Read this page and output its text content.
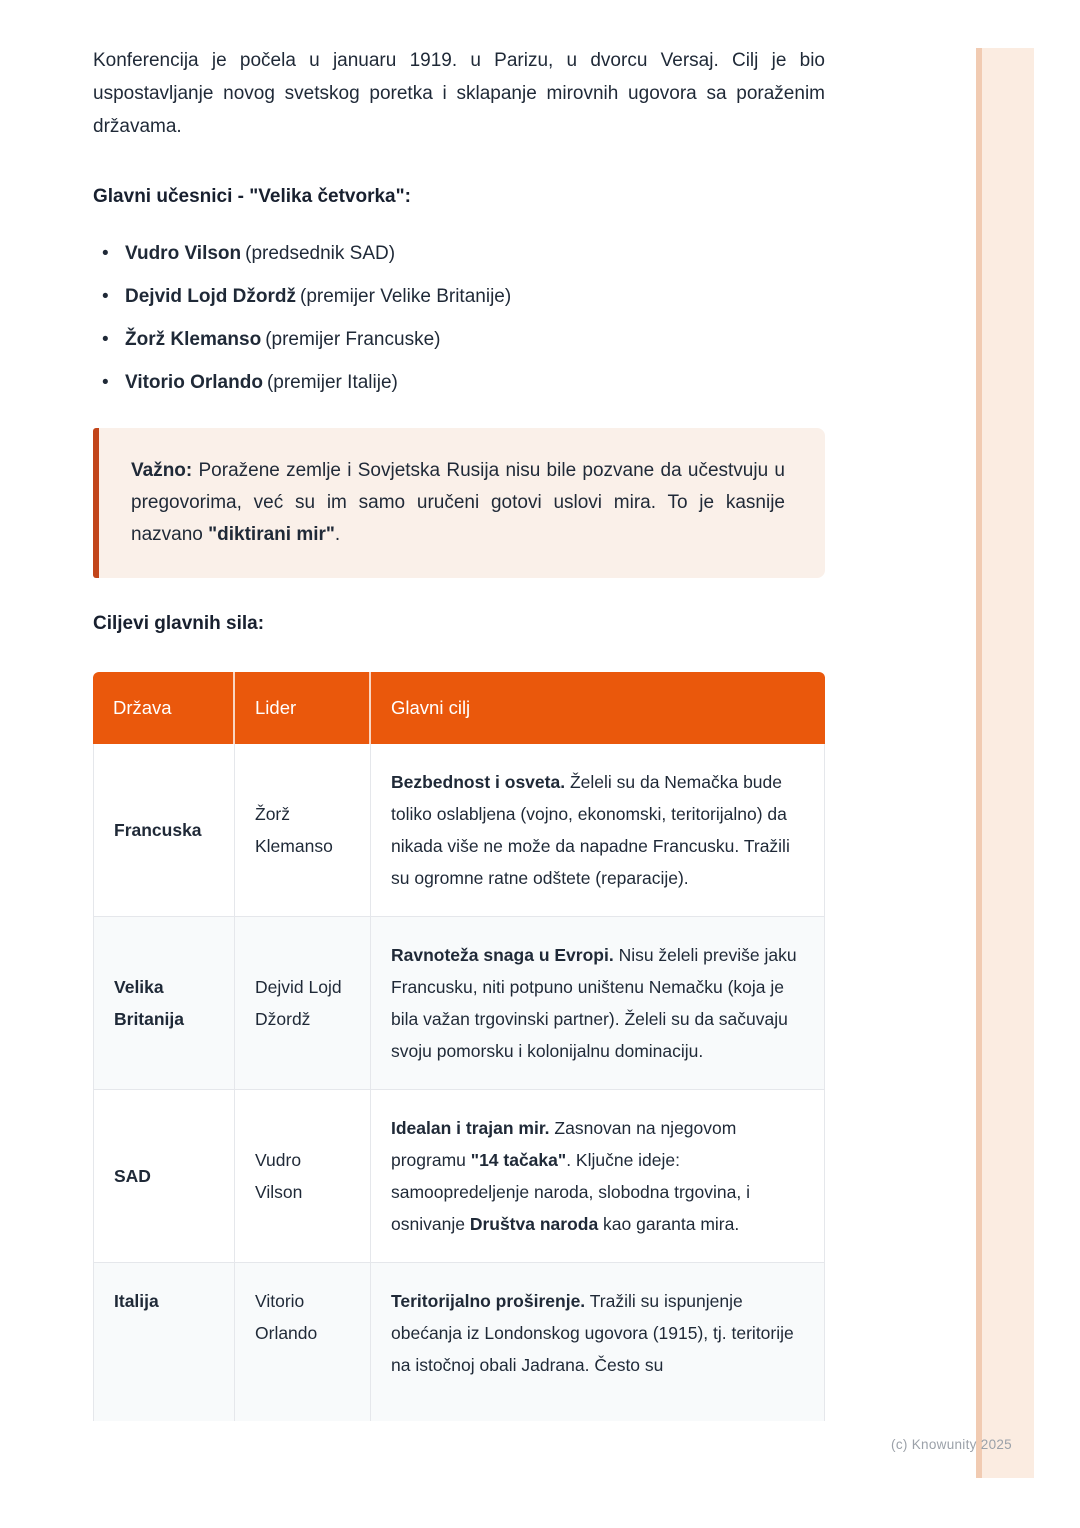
Konferencija je počela u januaru 1919. u Parizu, u dvorcu Versaj. Cilj je bio uspostavljanje novog svetskog poretka i sklapanje mirovnih ugovora sa poraženim državama.

Glavni učesnici - "Velika četvorka":
• Vudro Vilson (predsednik SAD)
• Dejvid Lojd Džordž (premijer Velike Britanije)
• Žorž Klemanso (premijer Francuske)
• Vitorio Orlando (premijer Italije)

Važno: Poražene zemlje i Sovjetska Rusija nisu bile pozvane da učestvuju u pregovorima, već su im samo uručeni gotovi uslovi mira. To je kasnije nazvano "diktirani mir".

Ciljevi glavnih sila:
Država	Lider	Glavni cilj
Francuska	Žorž Klemanso	Bezbednost i osveta. Želeli su da Nemačka bude toliko oslabljena (vojno, ekonomski, teritorijalno) da nikada više ne može da napadne Francusku. Tražili su ogromne ratne odštete (reparacije).
Velika Britanija	Dejvid Lojd Džordž	Ravnoteža snaga u Evropi. Nisu želeli previše jaku Francusku, niti potpuno uništenu Nemačku (koja je bila važan trgovinski partner). Želeli su da sačuvaju svoju pomorsku i kolonijalnu dominaciju.
SAD	Vudro Vilson	Idealan i trajan mir. Zasnovan na njegovom programu "14 tačaka". Ključne ideje: samoopredeljenje naroda, slobodna trgovina, i osnivanje Društva naroda kao garanta mira.
Italija	Vitorio Orlando	Teritorijalno proširenje. Tražili su ispunjenje obećanja iz Londonskog ugovora (1915), tj. teritorije na istočnoj obali Jadrana. Često su
(c) Knowunity 2025
